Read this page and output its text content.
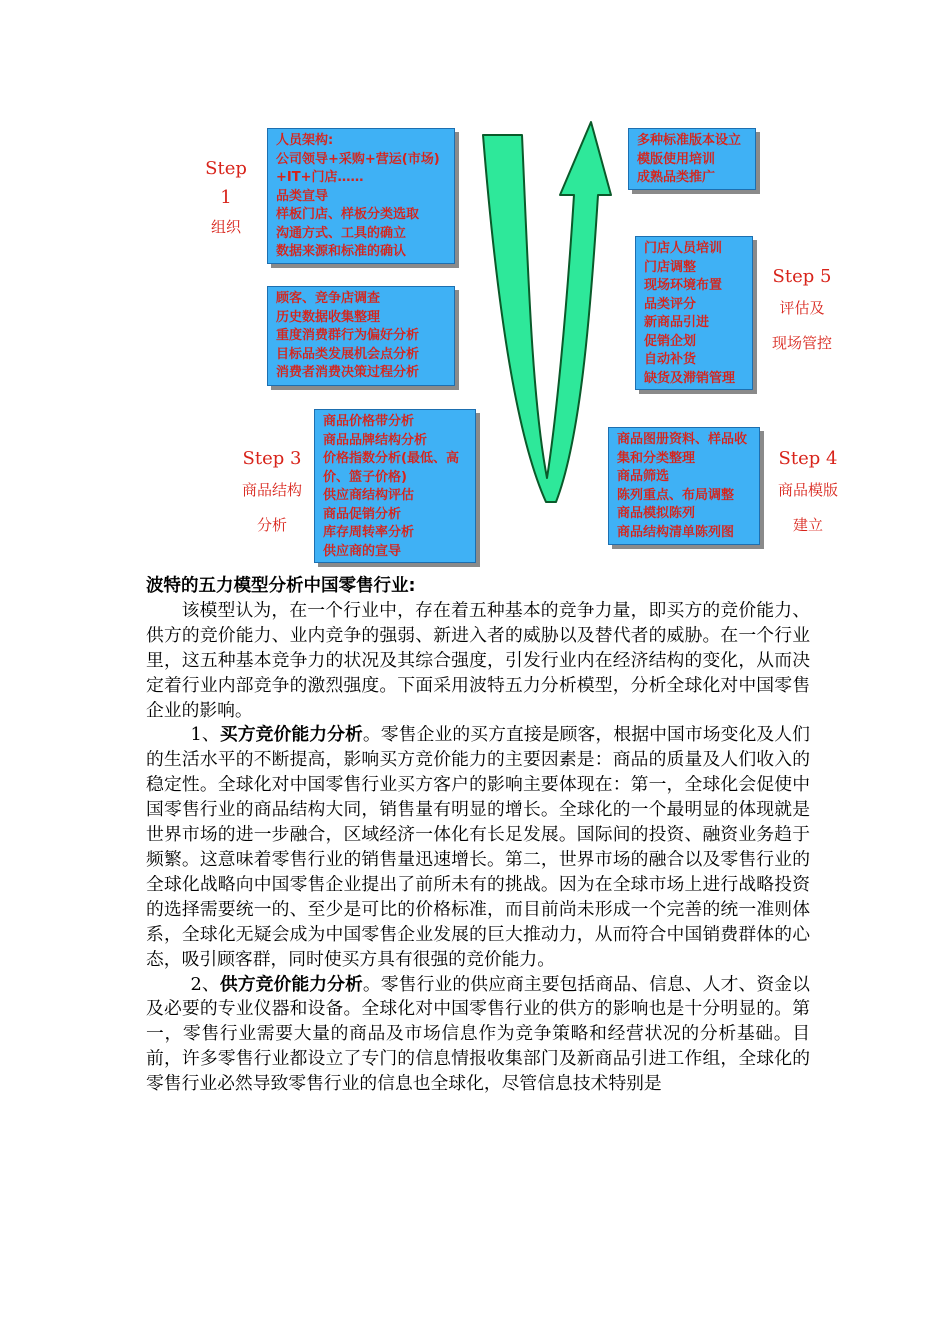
Step
1
组织
Step 3
商品结构
分析
Step 4
商品模版
建立
Step 5
评估及
现场管控
人员架构:
公司领导+采购+营运(市场)
+IT+门店……
品类宣导
样板门店、样板分类选取
沟通方式、工具的确立
数据来源和标准的确认
顾客、竞争店调查
历史数据收集整理
重度消费群行为偏好分析
目标品类发展机会点分析
消费者消费决策过程分析
商品价格带分析
商品品牌结构分析
价格指数分析(最低、高
价、篮子价格)
供应商结构评估
商品促销分析
库存周转率分析
供应商的宣导
商品图册资料、样品收
集和分类整理
商品筛选
陈列重点、布局调整
商品模拟陈列
商品结构清单陈列图
门店人员培训
门店调整
现场环境布置
品类评分
新商品引进
促销企划
自动补货
缺货及滞销管理
多种标准版本设立
模版使用培训
成熟品类推广
波特的五力模型分析中国零售行业:

该模型认为，在一个行业中，存在着五种基本的竞争力量，即买方的竞价能力、供方的竞价能力、业内竞争的强弱、新进入者的威胁以及替代者的威胁。在一个行业里，这五种基本竞争力的状况及其综合强度，引发行业内在经济结构的变化，从而决定着行业内部竞争的激烈强度。下面采用波特五力分析模型，分析全球化对中国零售企业的影响。

1、买方竞价能力分析。零售企业的买方直接是顾客，根据中国市场变化及人们的生活水平的不断提高，影响买方竞价能力的主要因素是：商品的质量及人们收入的稳定性。全球化对中国零售行业买方客户的影响主要体现在：第一，全球化会促使中国零售行业的商品结构大同，销售量有明显的增长。全球化的一个最明显的体现就是世界市场的进一步融合，区域经济一体化有长足发展。国际间的投资、融资业务趋于频繁。这意味着零售行业的销售量迅速增长。第二，世界市场的融合以及零售行业的全球化战略向中国零售企业提出了前所未有的挑战。因为在全球市场上进行战略投资的选择需要统一的、至少是可比的价格标准，而目前尚未形成一个完善的统一准则体系，全球化无疑会成为中国零售企业发展的巨大推动力，从而符合中国销费群体的心态，吸引顾客群，同时使买方具有很强的竞价能力。

2、供方竞价能力分析。零售行业的供应商主要包括商品、信息、人才、资金以及必要的专业仪器和设备。全球化对中国零售行业的供方的影响也是十分明显的。第一，零售行业需要大量的商品及市场信息作为竞争策略和经营状况的分析基础。目前，许多零售行业都设立了专门的信息情报收集部门及新商品引进工作组，全球化的零售行业必然导致零售行业的信息也全球化，尽管信息技术特别是
